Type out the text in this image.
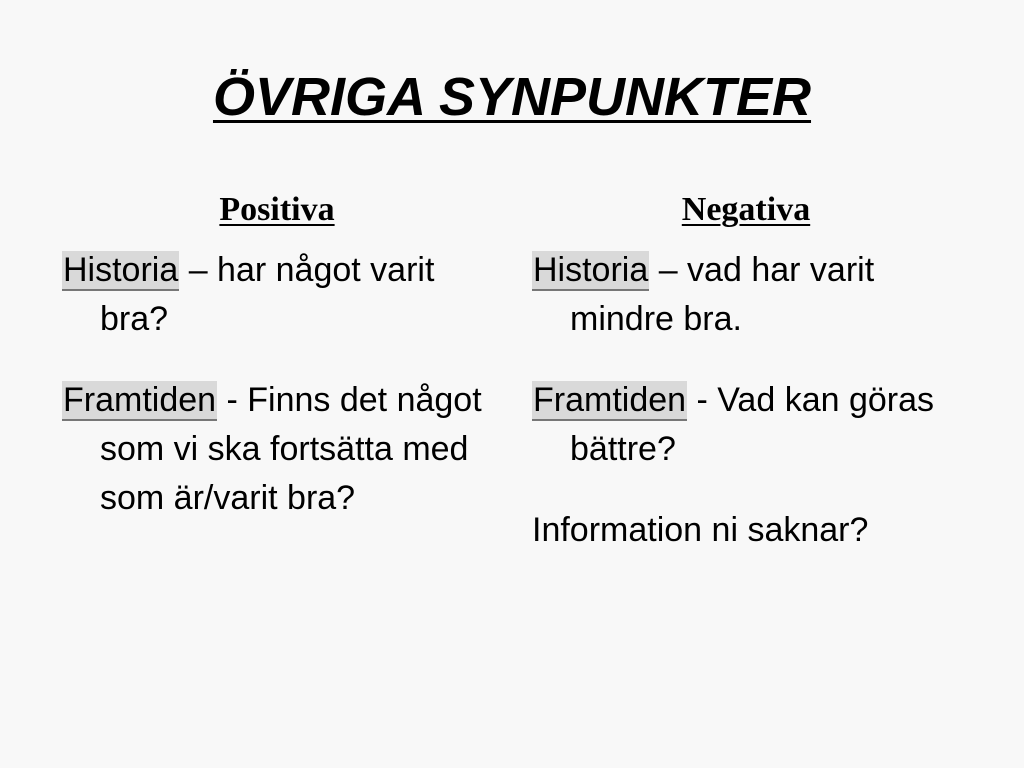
ÖVRIGA SYNPUNKTER
Positiva	Negativa

Historia – har något varit bra?

Framtiden - Finns det något som vi ska fortsätta med som är/varit bra?

Historia – vad har varit mindre bra.

Framtiden - Vad kan göras bättre?

Information ni saknar?
